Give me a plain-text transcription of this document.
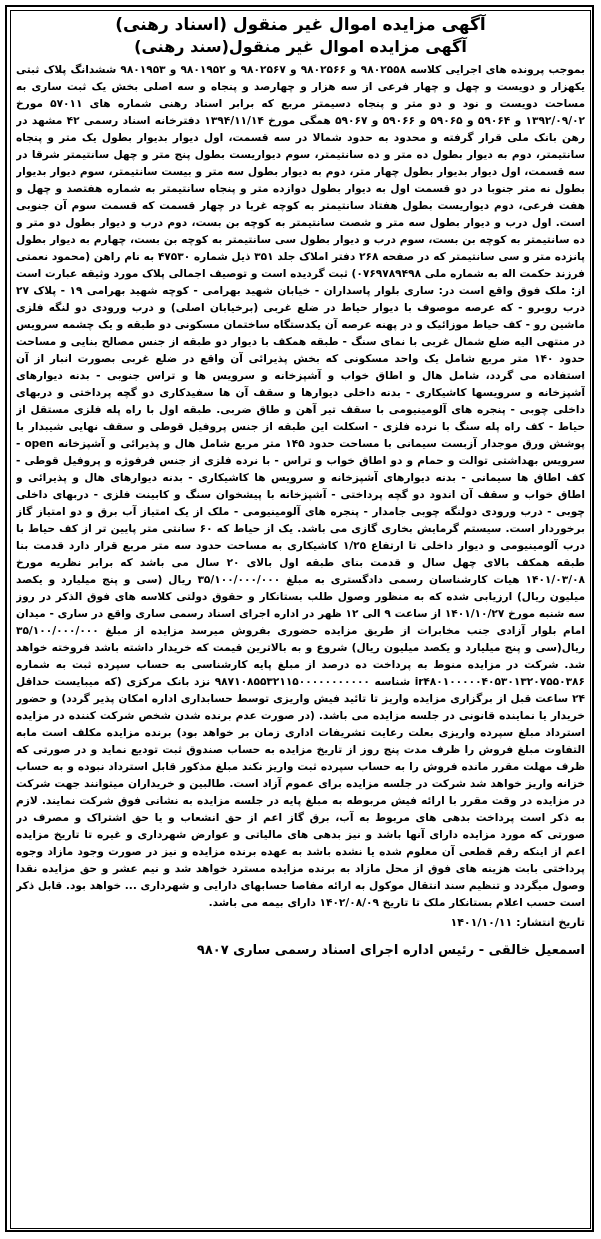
آگهی مزایده اموال غیر منقول (اسناد رهنی)
آگهی مزایده اموال غیر منقول(سند رهنی)

بموجب پرونده های اجرایی کلاسه ۹۸۰۲۵۵۸ و ۹۸۰۲۵۶۶ و ۹۸۰۲۵۶۷ و ۹۸۰۱۹۵۲ و ۹۸۰۱۹۵۳ ششدانگ پلاک ثبتی یکهزار و دویست و چهل و چهار فرعی از سه هزار و چهارصد و پنجاه و سه اصلی بخش یک ثبت ساری به مساحت دویست و نود و دو متر و پنجاه دسیمتر مربع که برابر اسناد رهنی شماره های ۵۷۰۱۱ مورخ ۱۳۹۲/۰۹/۰۲ و ۵۹۰۶۴ و ۵۹۰۶۵ و ۵۹۰۶۶ و ۵۹۰۶۷ همگی مورخ ۱۳۹۴/۱۱/۱۴ دفترخانه اسناد رسمی ۴۲ مشهد در رهن بانک ملی قرار گرفته و محدود به حدود شمالا در سه قسمت، اول دیوار بدیوار بطول یک متر و پنجاه سانتیمتر، دوم به دیوار بطول ده متر و ده سانتیمتر، سوم دیواریست بطول پنج متر و چهل سانتیمتر شرقا در سه قسمت، اول دیوار بدیوار بطول چهار متر، دوم به دیوار بطول سه متر و بیست سانتیمتر، سوم دیوار بدیوار بطول نه متر جنوبا در دو قسمت اول به دیوار بطول دوازده متر و پنجاه سانتیمتر به شماره هفتصد و چهل و هفت فرعی، دوم دیواریست بطول هفتاد سانتیمتر به کوچه غربا در چهار قسمت که قسمت سوم آن جنوبی است. اول درب و دیوار بطول سه متر و شصت سانتیمتر به کوچه بن بست، دوم درب و دیوار بطول دو متر و ده سانتیمتر به کوچه بن بست، سوم درب و دیوار بطول سی سانتیمتر به کوچه بن بست، چهارم به دیوار بطول پانزده متر و سی سانتیمتر که در صفحه ۲۶۸ دفتر املاک جلد ۳۵۱ ذیل شماره ۴۷۵۳۰ به نام راهن (محمود نعمتی فرزند حکمت اله به شماره ملی ۰۷۶۹۷۸۹۴۹۸) ثبت گردیده است و توصیف اجمالی پلاک مورد وثیقه عبارت است از: ملک فوق واقع است در: ساری بلوار پاسداران - خیابان شهید بهرامی - کوچه شهید بهرامی ۱۹ - پلاک ۲۷ درب روبرو - که عرصه موصوف با دیوار حیاط در ضلع غربی (برخیابان اصلی) و درب ورودی دو لنگه فلزی ماشین رو - کف حیاط موزائیک و در پهنه عرصه آن یکدستگاه ساختمان مسکونی دو طبقه و یک چشمه سرویس در منتهی الیه ضلع شمال غربی با نمای سنگ - طبقه همکف با دیوار دو طبقه از جنس مصالح بنایی و مساحت حدود ۱۴۰ متر مربع شامل یک واحد مسکونی که بخش پذیرائی آن واقع در ضلع غربی بصورت انبار از آن استفاده می گردد، شامل هال و اطاق خواب و آشپزخانه و سرویس ها و تراس جنوبی - بدنه دیوارهای آشپزخانه و سرویسها کاشیکاری - بدنه داخلی دیوارها و سقف آن ها سفیدکاری دو گچه پرداختی و دربهای داخلی چوبی - پنجره های آلومینیومی با سقف تیر آهن و طاق ضربی. طبقه اول با راه پله فلزی مستقل از حیاط - کف راه پله سنگ با نرده فلزی - اسکلت این طبقه از جنس پروفیل قوطی و سقف نهایی شیبدار با پوشش ورق موجدار آزبست سیمانی با مساحت حدود ۱۴۵ متر مربع شامل هال و پذیرائی و آشپزخانه open - سرویس بهداشتی توالت و حمام و دو اطاق خواب و تراس - با نرده فلزی از جنس فرفوژه و پروفیل قوطی - کف اطاق ها سیمانی - بدنه دیوارهای آشپزخانه و سرویس ها کاشیکاری - بدنه دیوارهای هال و پذیرائی و اطاق خواب و سقف آن اندود دو گچه پرداختی - آشپزخانه با پیشخوان سنگ و کابینت فلزی - دربهای داخلی چوبی - درب ورودی دولنگه چوبی جامدار - پنجره های آلومینیومی - ملک از یک امتیاز آب برق و دو امتیاز گاز برخوردار است. سیستم گرمایش بخاری گازی می باشد. یک از حیاط که ۶۰ سانتی متر پایین تر از کف حیاط با درب آلومینیومی و دیوار داخلی تا ارتفاع ۱/۲۵ کاشیکاری به مساحت حدود سه متر مربع قرار دارد قدمت بنا طبقه همکف بالای چهل سال و قدمت بنای طبقه اول بالای ۲۰ سال می باشد که برابر نظریه مورخ ۱۴۰۱/۰۳/۰۸ هیات کارشناسان رسمی دادگستری به مبلغ ۳۵/۱۰۰/۰۰۰/۰۰۰ ریال (سی و پنج میلیارد و یکصد میلیون ریال) ارزیابی شده که به منظور وصول طلب بستانکار و حقوق دولتی کلاسه های فوق الذکر در روز سه شنبه مورخ ۱۴۰۱/۱۰/۲۷ از ساعت ۹ الی ۱۲ ظهر در اداره اجرای اسناد رسمی ساری واقع در ساری - میدان امام بلوار آزادی جنب مخابرات از طریق مزایده حضوری بفروش میرسد مزایده از مبلغ ۳۵/۱۰۰/۰۰۰/۰۰۰ ریال(سی و پنج میلیارد و یکصد میلیون ریال) شروع و به بالاترین قیمت که خریدار داشته باشد فروخته خواهد شد. شرکت در مزایده منوط به پرداخت ده درصد از مبلغ پایه کارشناسی به حساب سپرده ثبت به شماره ir۴۸۰۱۰۰۰۰۰۴۰۵۳۰۱۳۲۰۷۵۵۰۳۸۶ شناسه ۹۸۷۱۰۸۵۵۳۲۱۱۵۰۰۰۰۰۰۰۰۰۰۰ نزد بانک مرکزی (که میبایست حداقل ۲۴ ساعت قبل از برگزاری مزایده واریز تا تائید فیش واریزی توسط حسابداری اداره امکان پذیر گردد) و حضور خریدار یا نماینده قانونی در جلسه مزایده می باشد. (در صورت عدم برنده شدن شخص شرکت کننده در مزایده استرداد مبلغ سپرده واریزی بعلت رعایت تشریفات اداری زمان بر خواهد بود) برنده مزایده مکلف است مابه التفاوت مبلغ فروش را ظرف مدت پنج روز از تاریخ مزایده به حساب صندوق ثبت تودیع نماید و در صورتی که ظرف مهلت مقرر مانده فروش را به حساب سپرده ثبت واریز نکند مبلغ مذکور قابل استرداد نبوده و به حساب خزانه واریز خواهد شد شرکت در جلسه مزایده برای عموم آزاد است. طالبین و خریداران میتوانند جهت شرکت در مزایده در وقت مقرر با ارائه فیش مربوطه به مبلغ پایه در جلسه مزایده به نشانی فوق شرکت نمایند. لازم به ذکر است پرداخت بدهی های مربوط به آب، برق گاز اعم از حق انشعاب و یا حق اشتراک و مصرف در صورتی که مورد مزایده دارای آنها باشد و نیز بدهی های مالیاتی و عوارض شهرداری و غیره تا تاریخ مزایده اعم از اینکه رقم قطعی آن معلوم شده یا نشده باشد به عهده برنده مزایده و نیز در صورت وجود مازاد وجوه پرداختی بابت هزینه های فوق از محل مازاد به برنده مزایده مسترد خواهد شد و نیم عشر و حق مزایده نقدا وصول میگردد و تنظیم سند انتقال موکول به ارائه مفاصا حسابهای دارایی و شهرداری ... خواهد بود. قابل ذکر است حسب اعلام بستانکار ملک تا تاریخ ۱۴۰۲/۰۸/۰۹ دارای بیمه می باشد.

تاریخ انتشار: ۱۴۰۱/۱۰/۱۱

اسمعیل خالقی - رئیس اداره اجرای اسناد رسمی ساری ۹۸۰۷
